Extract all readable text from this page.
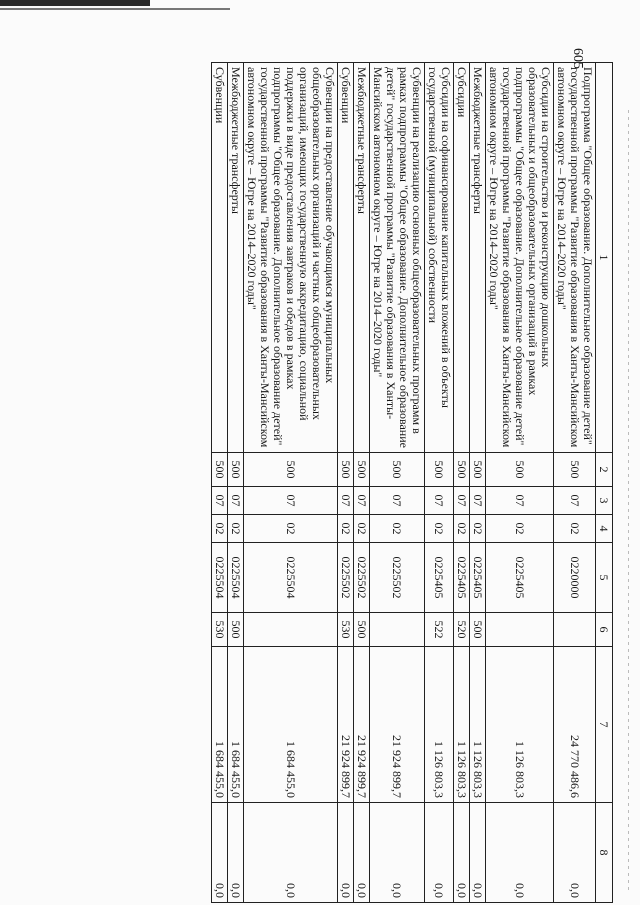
605
1	2	3	4	5	6	7	8
Подпрограмма "Общее образование. Дополнительное образование детей" государственной программы "Развитие образования в Ханты-Мансийском автономном округе – Югре на 2014–2020 годы"	500	07	02	0220000		24 770 486,6	0,0
Субсидии на строительство и реконструкцию дошкольных образовательных и общеобразовательных организаций в рамках подпрограммы "Общее образование. Дополнительное образование детей" государственной программы "Развитие образования в Ханты-Мансийском автономном округе – Югре на 2014–2020 годы"	500	07	02	0225405		1 126 803,3	0,0
Межбюджетные трансферты	500	07	02	0225405	500	1 126 803,3	0,0
Субсидии	500	07	02	0225405	520	1 126 803,3	0,0
Субсидии на софинансирование капитальных вложений в объекты государственной (муниципальной) собственности	500	07	02	0225405	522	1 126 803,3	0,0
Субвенции на реализацию основных общеобразовательных программ в рамках подпрограммы "Общее образование. Дополнительное образование детей" государственной программы "Развитие образования в Ханты-Мансийском автономном округе – Югре на 2014–2020 годы"	500	07	02	0225502		21 924 899,7	0,0
Межбюджетные трансферты	500	07	02	0225502	500	21 924 899,7	0,0
Субвенции	500	07	02	0225502	530	21 924 899,7	0,0
Субвенции на предоставление обучающимся муниципальных общеобразовательных организаций и частных общеобразовательных организаций, имеющих государственную аккредитацию, социальной поддержки в виде предоставления завтраков и обедов в рамках подпрограммы "Общее образование. Дополнительное образование детей" государственной программы "Развитие образования в Ханты-Мансийском автономном округе – Югре на 2014–2020 годы"	500	07	02	0225504		1 684 455,0	0,0
Межбюджетные трансферты	500	07	02	0225504	500	1 684 455,0	0,0
Субвенции	500	07	02	0225504	530	1 684 455,0	0,0
